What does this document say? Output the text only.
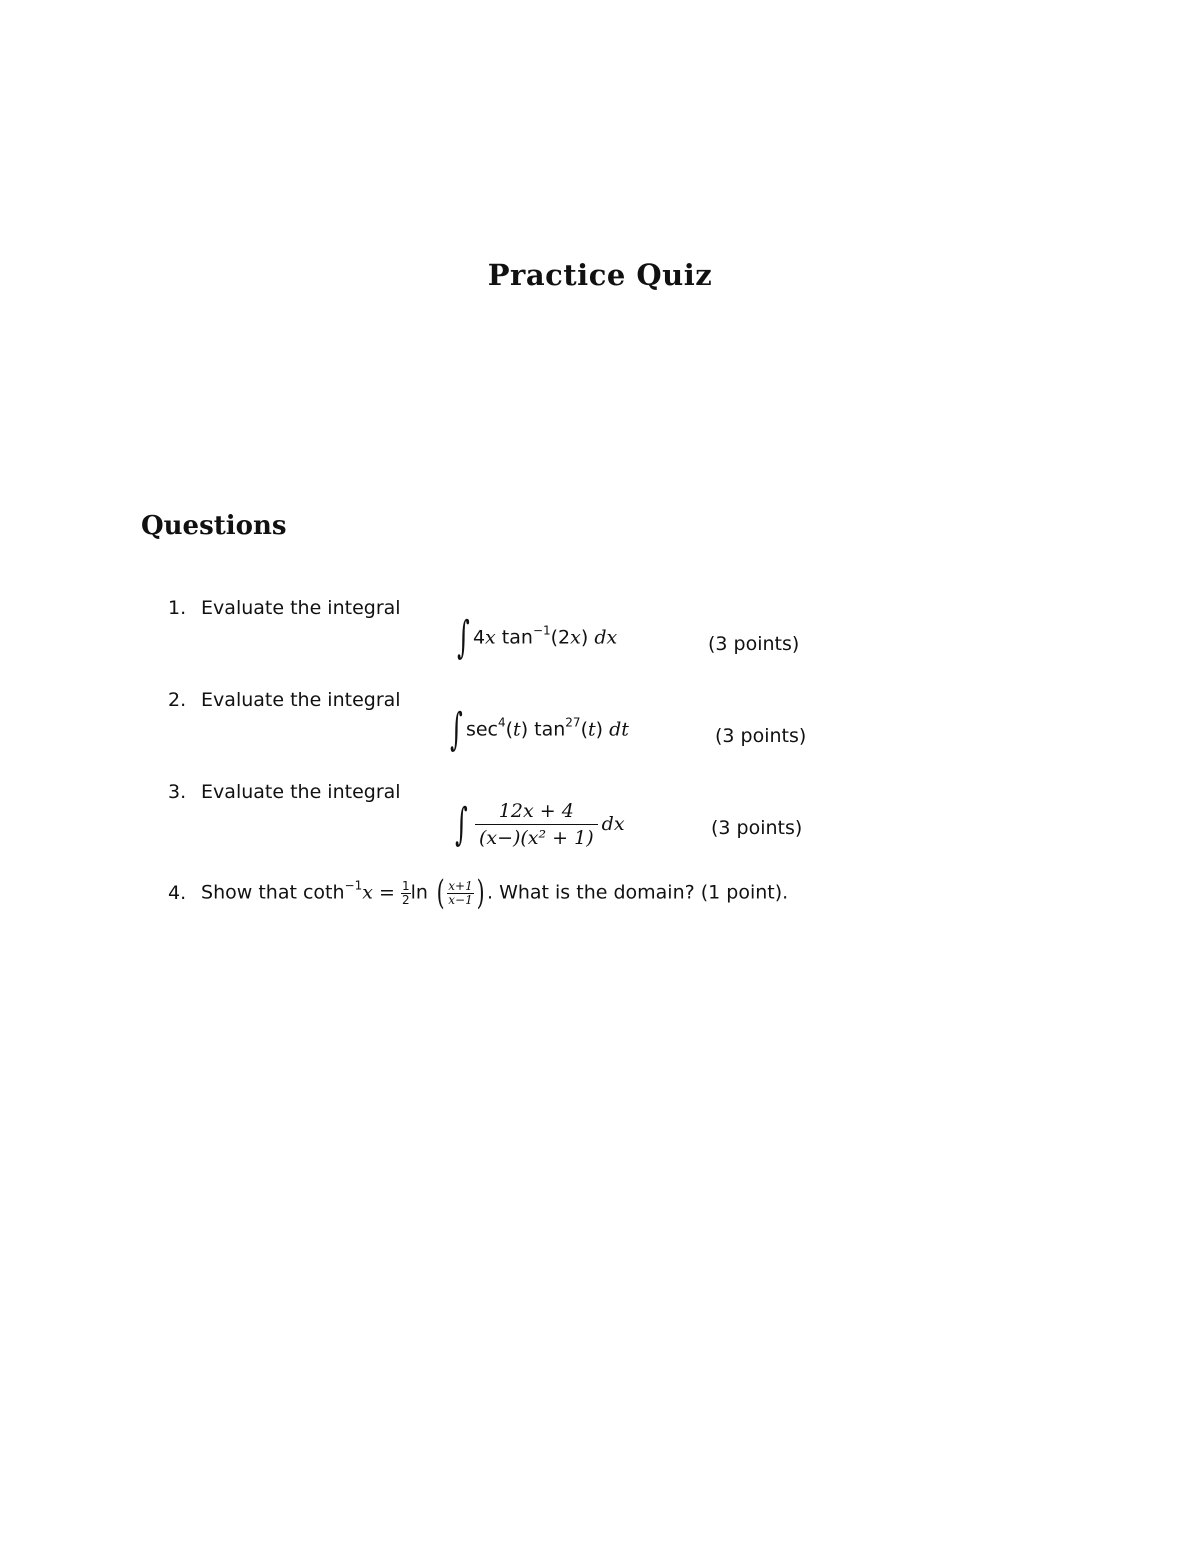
Practice Quiz
Questions
1. Evaluate the integral
∫ 4x $\tan^{-1}(2x)$ dx	(3 points)
2. Evaluate the integral
∫ $\sec^4(t)$ $\tan^{27}(t)$ dt	(3 points)
3. Evaluate the integral
∫ $\frac{12x + 4}{\text{(x−)(x² + 1)}}$ dx	(3 points)
4. Show that $\cot h^{-1}x = \frac{1}{2}$ ln ( $\frac{x+1}{x-1}$ ) . What is the domain? (1 point).
